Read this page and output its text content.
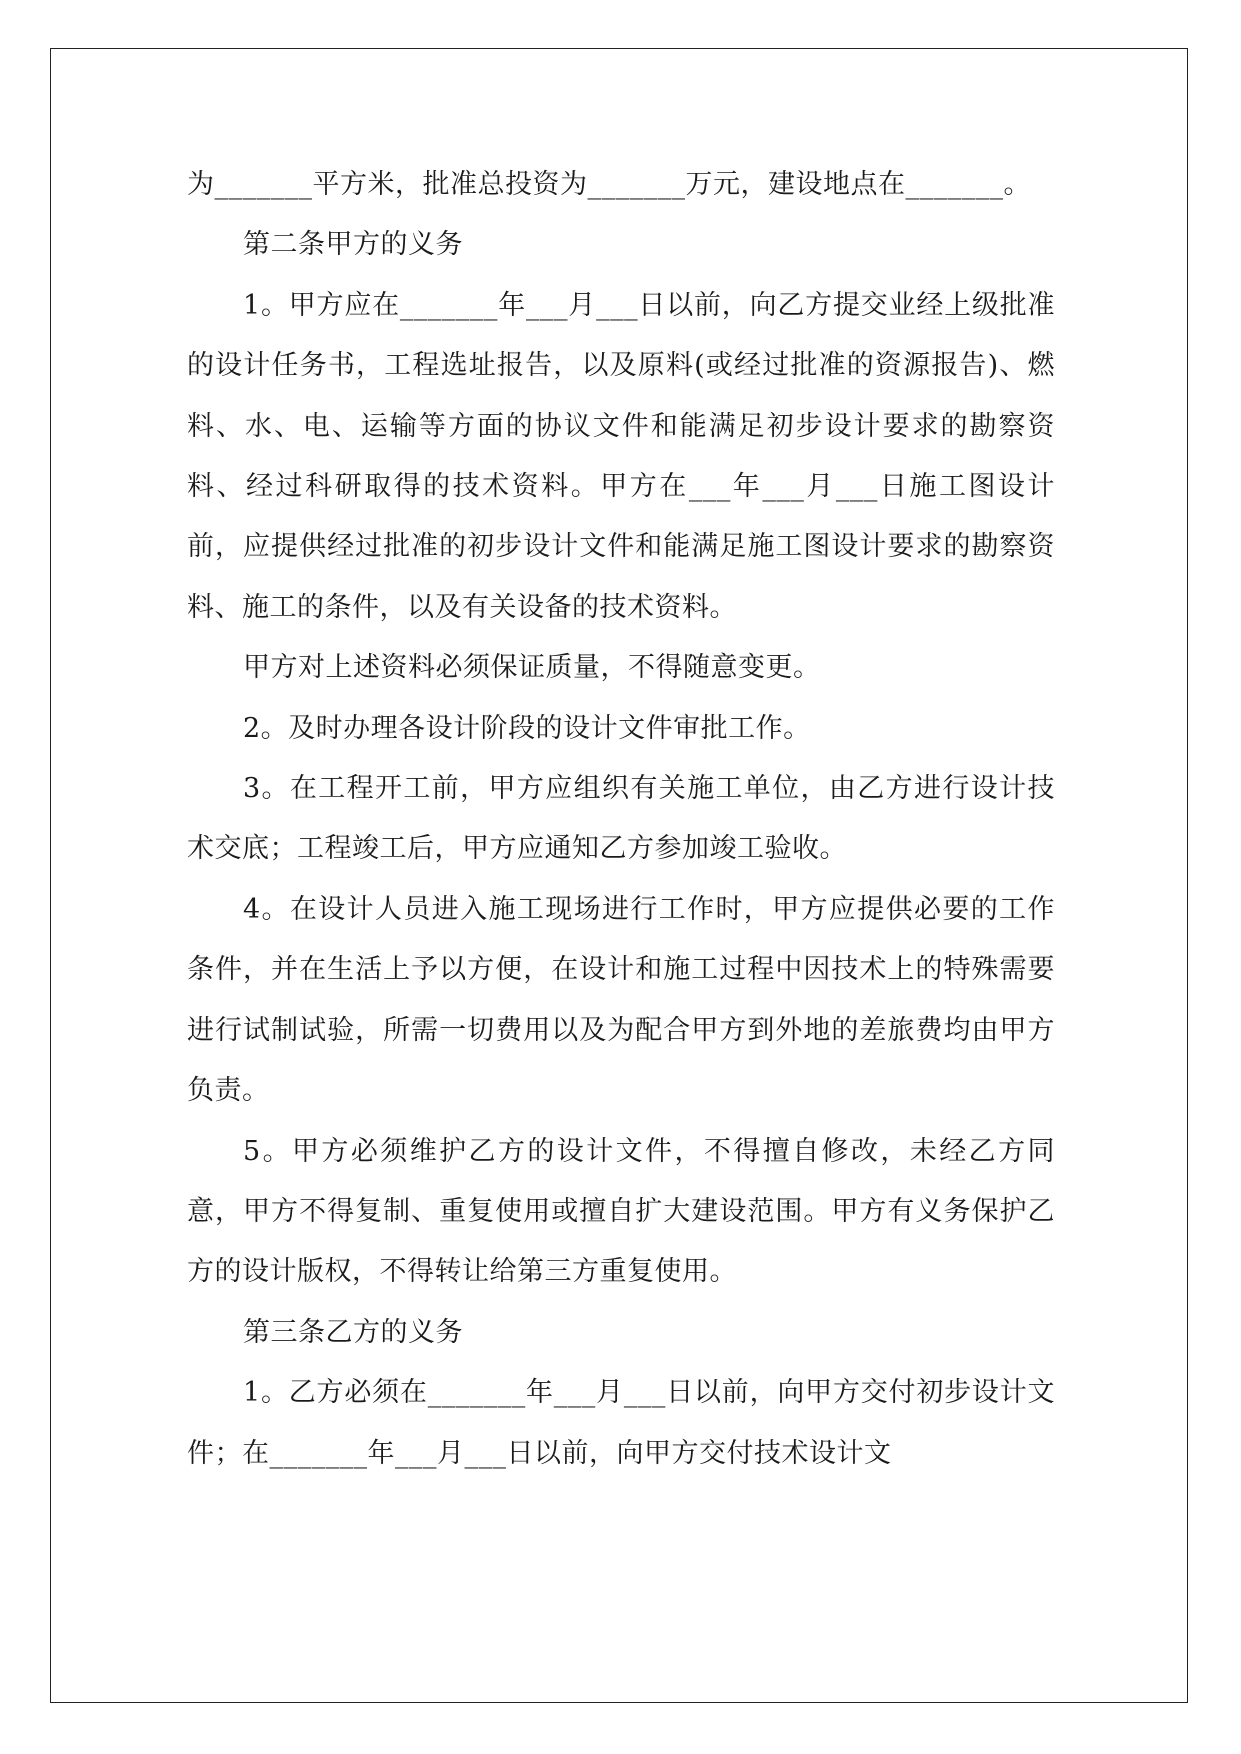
为_______平方米，批准总投资为_______万元，建设地点在_______。

第二条甲方的义务

1。甲方应在_______年___月___日以前，向乙方提交业经上级批准的设计任务书，工程选址报告，以及原料(或经过批准的资源报告)、燃料、水、电、运输等方面的协议文件和能满足初步设计要求的勘察资料、经过科研取得的技术资料。甲方在___年___月___日施工图设计前，应提供经过批准的初步设计文件和能满足施工图设计要求的勘察资料、施工的条件，以及有关设备的技术资料。

甲方对上述资料必须保证质量，不得随意变更。

2。及时办理各设计阶段的设计文件审批工作。

3。在工程开工前，甲方应组织有关施工单位，由乙方进行设计技术交底；工程竣工后，甲方应通知乙方参加竣工验收。

4。在设计人员进入施工现场进行工作时，甲方应提供必要的工作条件，并在生活上予以方便，在设计和施工过程中因技术上的特殊需要进行试制试验，所需一切费用以及为配合甲方到外地的差旅费均由甲方负责。

5。甲方必须维护乙方的设计文件，不得擅自修改，未经乙方同意，甲方不得复制、重复使用或擅自扩大建设范围。甲方有义务保护乙方的设计版权，不得转让给第三方重复使用。

第三条乙方的义务

1。乙方必须在_______年___月___日以前，向甲方交付初步设计文件；在_______年___月___日以前，向甲方交付技术设计文
